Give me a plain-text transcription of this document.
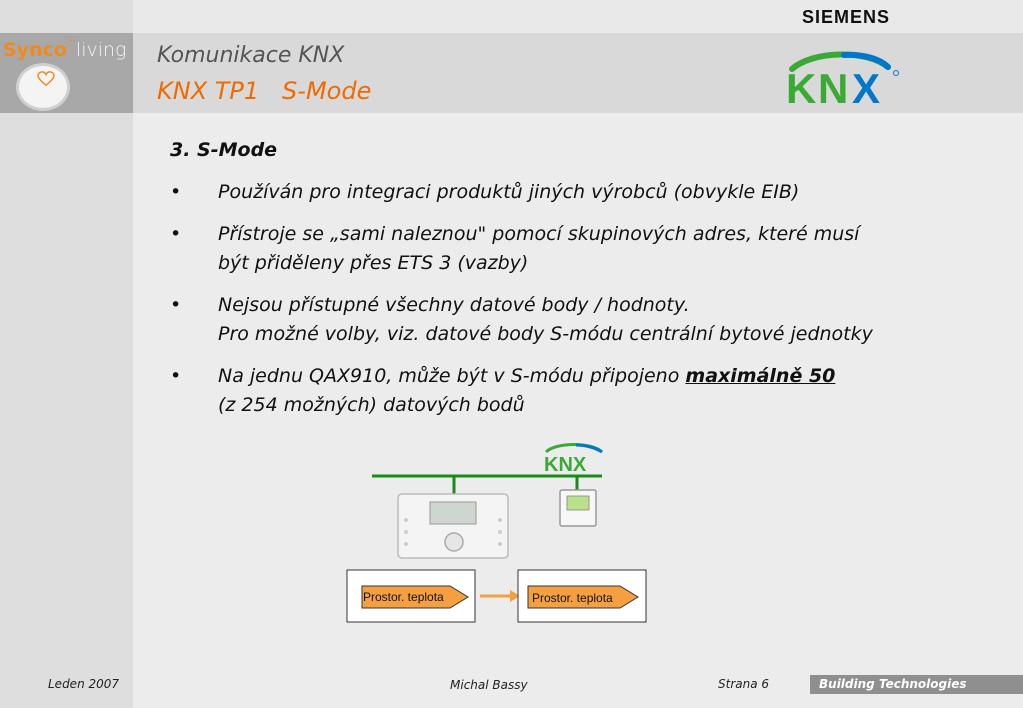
SIEMENS
Synco™living Komunikace KNX
KNX TP1   S-Mode	K N X
3. S-Mode
• Používán pro integraci produktů jiných výrobců (obvykle EIB)
• Přístroje se „sami naleznou" pomocí skupinových adres, které musí
být přiděleny přes ETS 3 (vazby)
• Nejsou přístupné všechny datové body / hodnoty.
Pro možné volby, viz. datové body S-módu centrální bytové jednotky
• Na jednu QAX910, může být v S-módu připojeno maximálně 50
(z 254 možných) datových bodů
KNX
Prostor. teplota	Prostor. teplota
Leden 2007	Michal Bassy	Strana 6	Building Technologies
